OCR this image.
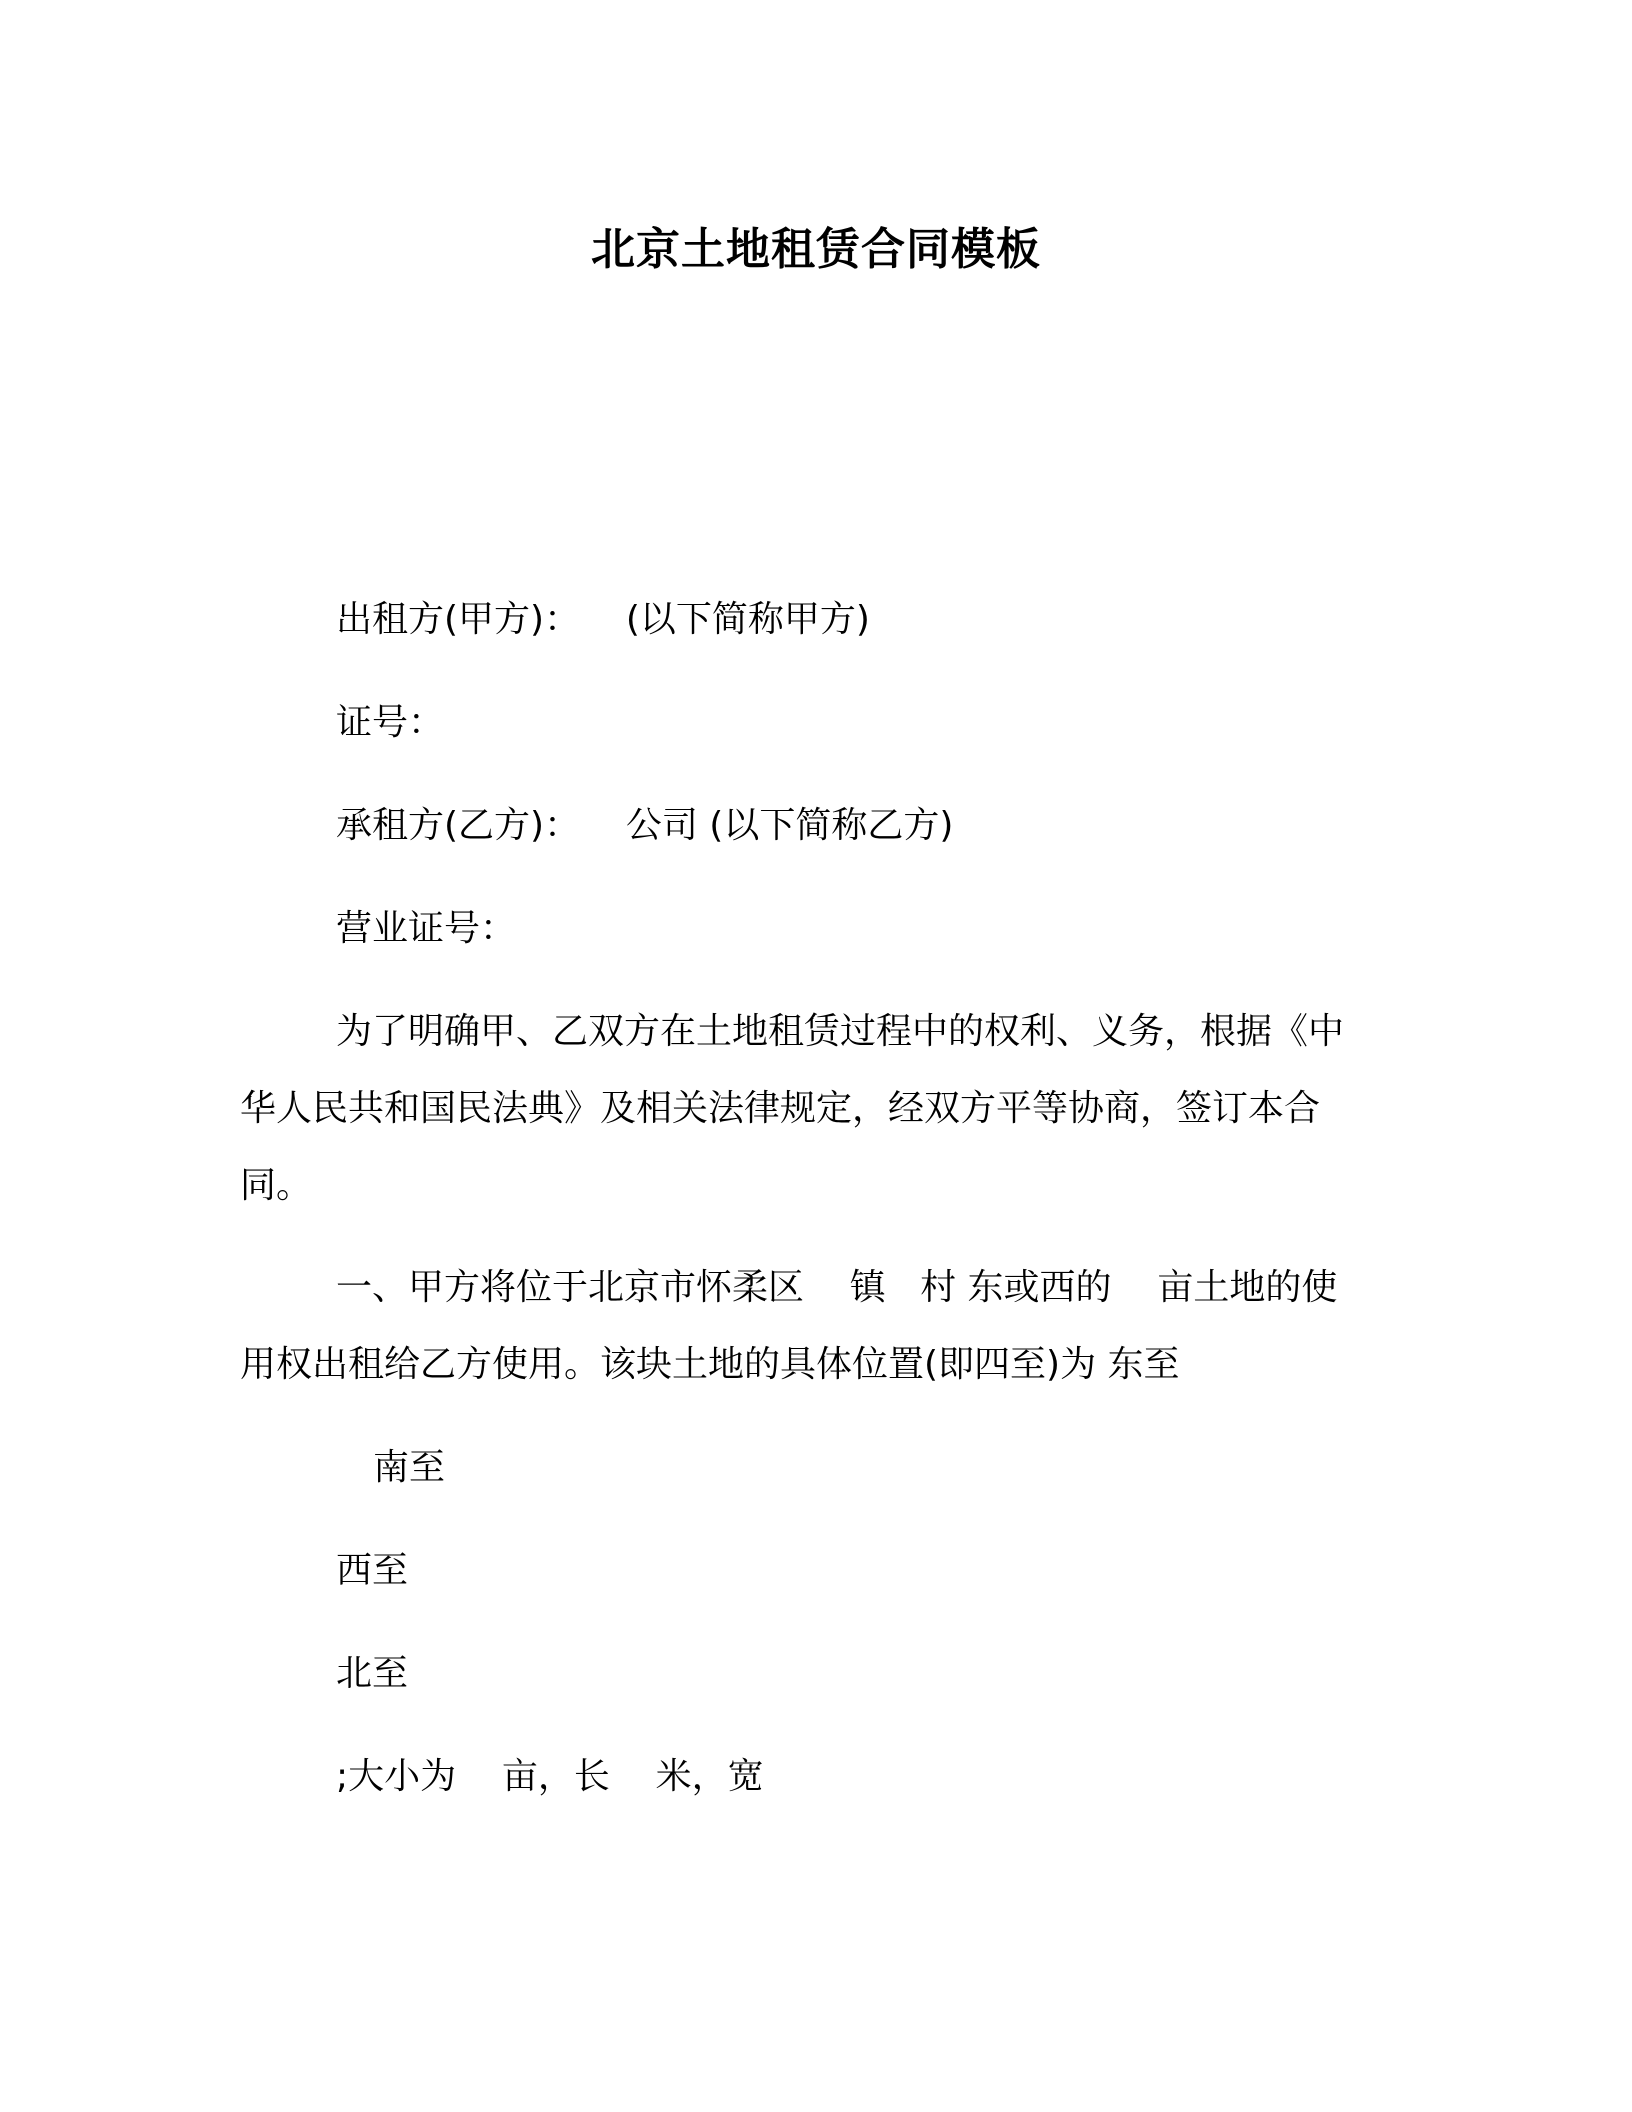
北京土地租赁合同模板
出租方(甲方)：    (以下简称甲方)
证号：
承租方(乙方)：    公司 (以下简称乙方)
营业证号：
为了明确甲、乙双方在土地租赁过程中的权利、义务，根据《中
华人民共和国民法典》及相关法律规定，经双方平等协商，签订本合
同。
一、甲方将位于北京市怀柔区    镇   村 东或西的    亩土地的使
用权出租给乙方使用。该块土地的具体位置(即四至)为 东至
南至
西至
北至
;大小为    亩，长    米，宽
